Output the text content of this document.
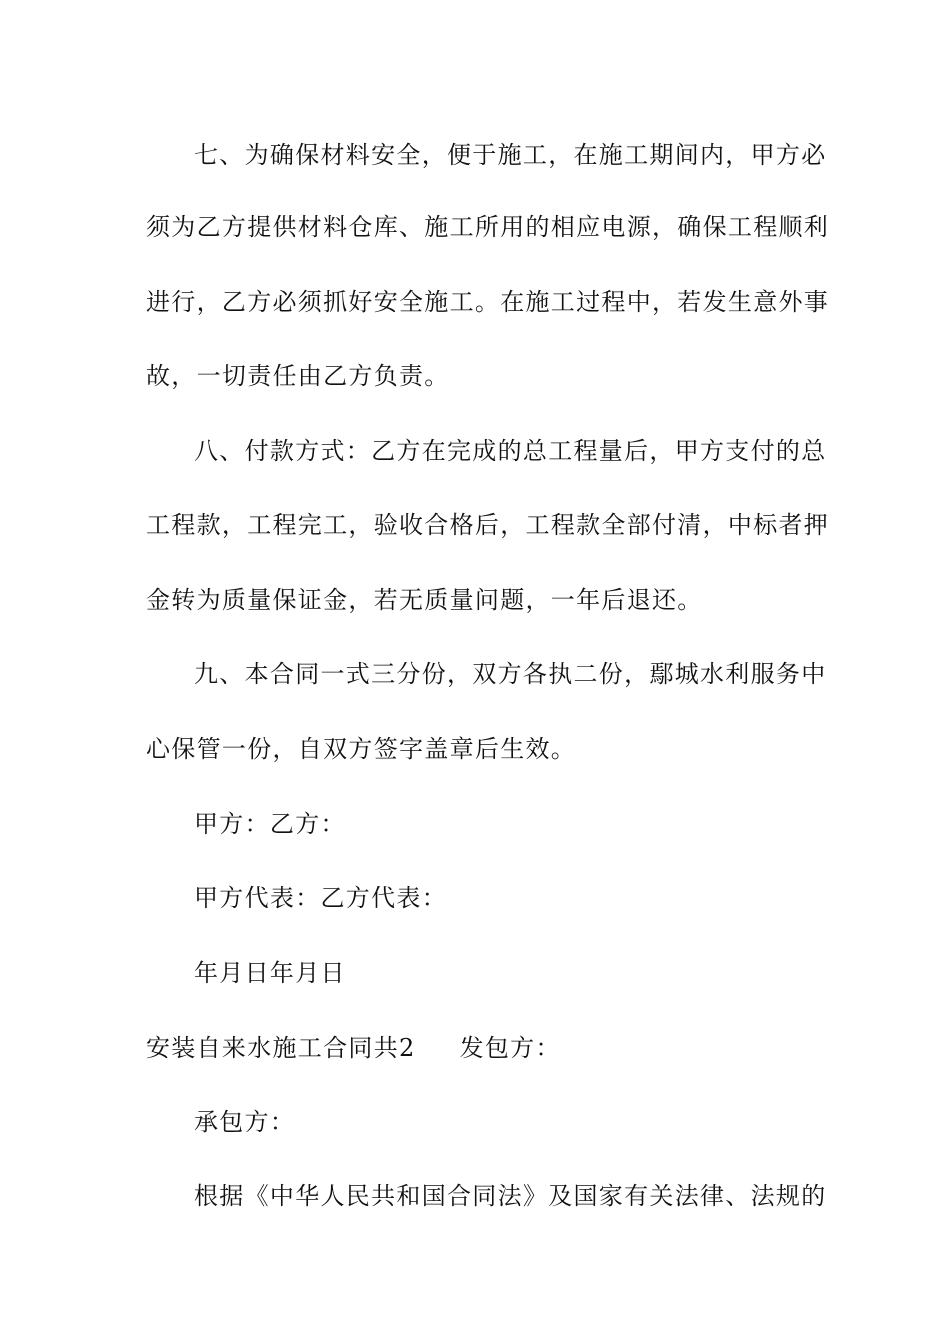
七、为确保材料安全，便于施工，在施工期间内，甲方必
须为乙方提供材料仓库、施工所用的相应电源，确保工程顺利
进行，乙方必须抓好安全施工。在施工过程中，若发生意外事
故，一切责任由乙方负责。
八、付款方式：乙方在完成的总工程量后，甲方支付的总
工程款，工程完工，验收合格后，工程款全部付清，中标者押
金转为质量保证金，若无质量问题，一年后退还。
九、本合同一式三分份，双方各执二份，鄢城水利服务中
心保管一份，自双方签字盖章后生效。
甲方：乙方：
甲方代表：乙方代表：
年月日年月日
安装自来水施工合同共2 发包方：
承包方：
根据《中华人民共和国合同法》及国家有关法律、法规的
